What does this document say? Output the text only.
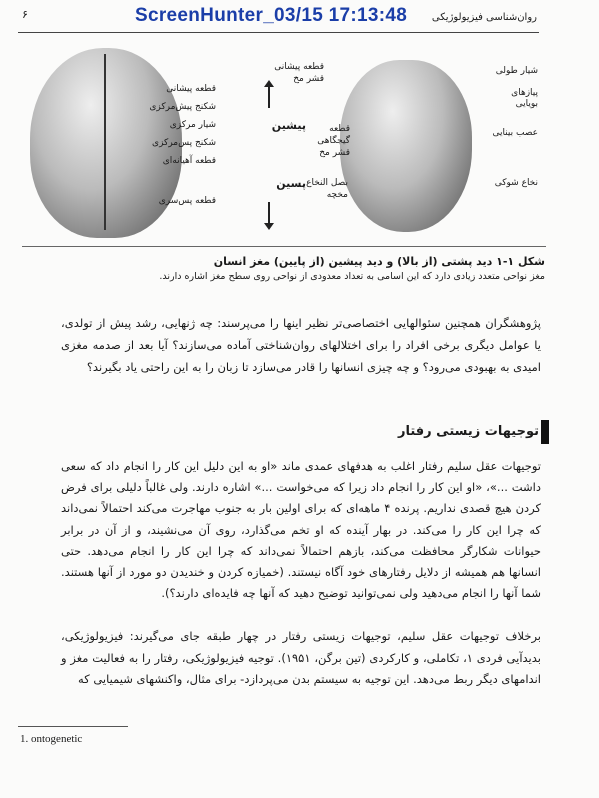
۶	روان‌شناسی فیزیولوژیکی
ScreenHunter_03/15 17:13:48
قطعه پیشانی
شکنج پیش‌مرکزی
شیار مرکزی
شکنج پس‌مرکزی
قطعه آهیانه‌ای
قطعه پس‌سری
قطعه پیشانی
قشر مخ
پیشین	قطعه
گیجگاهی
قشر مخ
پسین بصل النخاع
مخچه
شیار طولی
پیازهای بویایی
عصب بینایی
نخاع شوکی
شکل ۱-۱ دید پشتی (از بالا) و دید پیشین (از پایین) مغز انسان
مغز نواحی متعدد زیادی دارد که این اسامی به تعداد معدودی از نواحی روی سطح مغز اشاره دارند.
پژوهشگران همچنین سئوالهایی اختصاصی‌تر نظیر اینها را می‌پرسند: چه ژنهایی، رشد پیش از تولدی، یا عوامل دیگری برخی افراد را برای اختلالهای روان‌شناختی آماده می‌سازند؟ آیا بعد از صدمه مغزی امیدی به بهبودی می‌رود؟ و چه چیزی انسانها را قادر می‌سازد تا زبان را به این راحتی یاد بگیرند؟
توجیهات زیستی رفتار
توجیهات عقل سلیم رفتار اغلب به هدفهای عمدی ماند «او به این دلیل این کار را انجام داد که سعی داشت ...»، «او این کار را انجام داد زیرا که می‌خواست ...» اشاره دارند. ولی غالباً دلیلی برای فرض کردن هیچ قصدی نداریم. پرنده ۴ ماهه‌ای که برای اولین بار به جنوب مهاجرت می‌کند احتمالاً نمی‌داند که چرا این کار را می‌کند. در بهار آینده که او تخم می‌گذارد، روی آن می‌نشیند، و از آن در برابر حیوانات شکارگر محافظت می‌کند، بازهم احتمالاً نمی‌داند که چرا این کار را انجام می‌دهد. حتی انسانها هم همیشه از دلایل رفتارهای خود آگاه نیستند. (خمیازه کردن و خندیدن دو مورد از آنها هستند. شما آنها را انجام می‌دهید ولی نمی‌توانید توضیح دهید که آنها چه فایده‌ای دارند؟).
برخلاف توجیهات عقل سلیم، توجیهات زیستی رفتار در چهار طبقه جای می‌گیرند: فیزیولوژیکی، بدیدآیی فردی ۱، تکاملی، و کارکردی (تین برگن، ۱۹۵۱). توجیه فیزیولوژیکی، رفتار را به فعالیت مغز و اندامهای دیگر ربط می‌دهد. این توجیه به سیستم بدن می‌پردازد- برای مثال، واکنشهای شیمیایی که
1. ontogenetic
